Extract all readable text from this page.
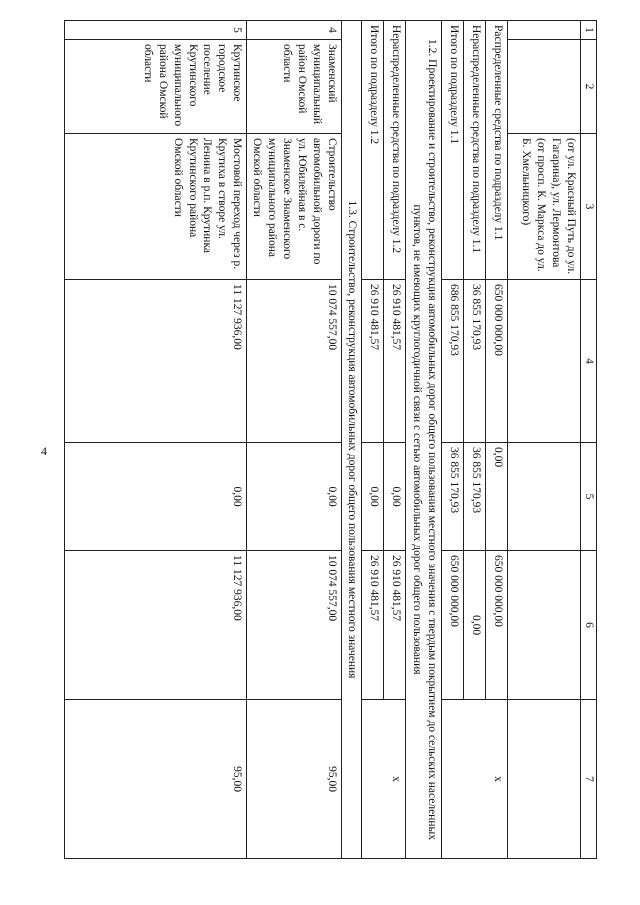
4
1	2	3	4	5	6	7
		(от ул. Красный Путь до ул. Гагарина), ул. Лермонтова (от просп. К. Маркса до ул. Б. Хмельницкого)				
Распределенные средства по подразделу 1.1			650 000 000,00	0,00	650 000 000,00	х
Нераспределенные средства по подразделу 1.1			36 855 170,93	36 855 170,93	0,00	
Итого по подразделу 1.1			686 855 170,93	36 855 170,93	650 000 000,00	
1.2. Проектирование и строительство, реконструкция автомобильных дорог общего пользования местного значения с твердым покрытием до сельских населенных пунктов, не имеющих круглогодичной связи с сетью автомобильных дорог общего пользования						
Нераспределенные средства по подразделу 1.2			26 910 481,57	0,00	26 910 481,57	х
Итого по подразделу 1.2			26 910 481,57	0,00	26 910 481,57	
1.3. Строительство, реконструкция автомобильных дорог общего пользования местного значения						
4	Знаменский муниципальный район Омской области	Строительство автомобильной дороги по ул. Юбилейная в с. Знаменское Знаменского муниципального района Омской области	10 074 557,00	0,00	10 074 557,00	95,00
5	Крутинское городское поселение Крутинского муниципального района Омской области	Мостовой переход через р. Крутиха в створе ул. Ленина в р.п. Крутинка Крутинского района Омской области	11 127 936,00	0,00	11 127 936,00	95,00
